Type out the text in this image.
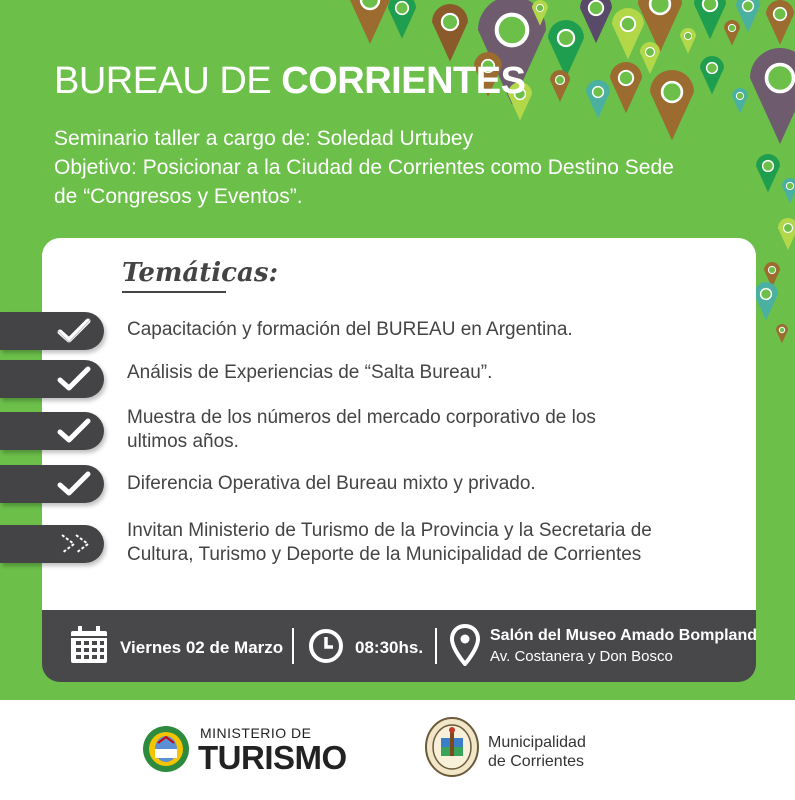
BUREAU DE CORRIENTES
Seminario taller a cargo de: Soledad Urtubey
Objetivo: Posicionar a la Ciudad de Corrientes como Destino Sede
de “Congresos y Eventos”.
Temáticas:
Capacitación y formación del BUREAU en Argentina.
Análisis de Experiencias de “Salta Bureau”.
Muestra de los números del mercado corporativo de los
ultimos años.
Diferencia Operativa del Bureau mixto y privado.
Invitan Ministerio de Turismo de la Provincia y la Secretaria de
Cultura, Turismo y Deporte de la Municipalidad de Corrientes
Viernes 02 de Marzo	08:30hs.
Salón del Museo Amado Bompland
Av. Costanera y Don Bosco
MINISTERIO DE
TURISMO	Municipalidad
de Corrientes
